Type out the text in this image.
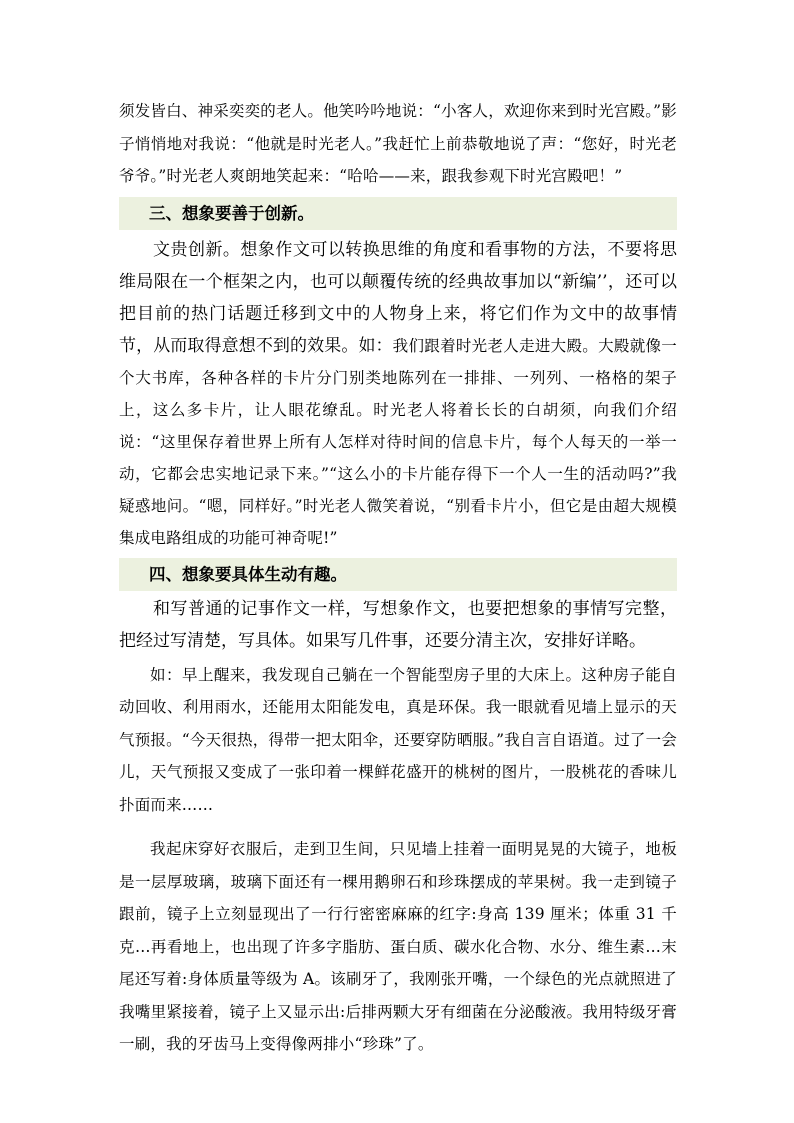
须发皆白、神采奕奕的老人。他笑吟吟地说：“小客人，欢迎你来到时光宫殿。”影子悄悄地对我说：“他就是时光老人。”我赶忙上前恭敬地说了声：“您好，时光老爷爷。”时光老人爽朗地笑起来：“哈哈——来，跟我参观下时光宫殿吧！”

三、想象要善于创新。

文贵创新。想象作文可以转换思维的角度和看事物的方法，不要将思维局限在一个框架之内，也可以颠覆传统的经典故事加以“新编’’，还可以把目前的热门话题迁移到文中的人物身上来，将它们作为文中的故事情节，从而取得意想不到的效果。如：我们跟着时光老人走进大殿。大殿就像一个大书库，各种各样的卡片分门别类地陈列在一排排、一列列、一格格的架子上，这么多卡片，让人眼花缭乱。时光老人将着长长的白胡须，向我们介绍说：“这里保存着世界上所有人怎样对待时间的信息卡片，每个人每天的一举一动，它都会忠实地记录下来。”“这么小的卡片能存得下一个人一生的活动吗?”我疑惑地问。“嗯，同样好。”时光老人微笑着说，“别看卡片小，但它是由超大规模集成电路组成的功能可神奇呢!”

四、想象要具体生动有趣。

和写普通的记事作文一样，写想象作文，也要把想象的事情写完整，把经过写清楚，写具体。如果写几件事，还要分清主次，安排好详略。

如：早上醒来，我发现自己躺在一个智能型房子里的大床上。这种房子能自动回收、利用雨水，还能用太阳能发电，真是环保。我一眼就看见墙上显示的天气预报。“今天很热，得带一把太阳伞，还要穿防晒服。”我自言自语道。过了一会儿，天气预报又变成了一张印着一棵鲜花盛开的桃树的图片，一股桃花的香味儿扑面而来……

我起床穿好衣服后，走到卫生间，只见墙上挂着一面明晃晃的大镜子，地板是一层厚玻璃，玻璃下面还有一棵用鹅卵石和珍珠摆成的苹果树。我一走到镜子跟前，镜子上立刻显现出了一行行密密麻麻的红字:身高 139 厘米；体重 31 千克…再看地上，也出现了许多字脂肪、蛋白质、碳水化合物、水分、维生素…末尾还写着:身体质量等级为 A。该刷牙了，我刚张开嘴，一个绿色的光点就照进了我嘴里紧接着，镜子上又显示出:后排两颗大牙有细菌在分泌酸液。我用特级牙膏一刷，我的牙齿马上变得像两排小“珍珠”了。
